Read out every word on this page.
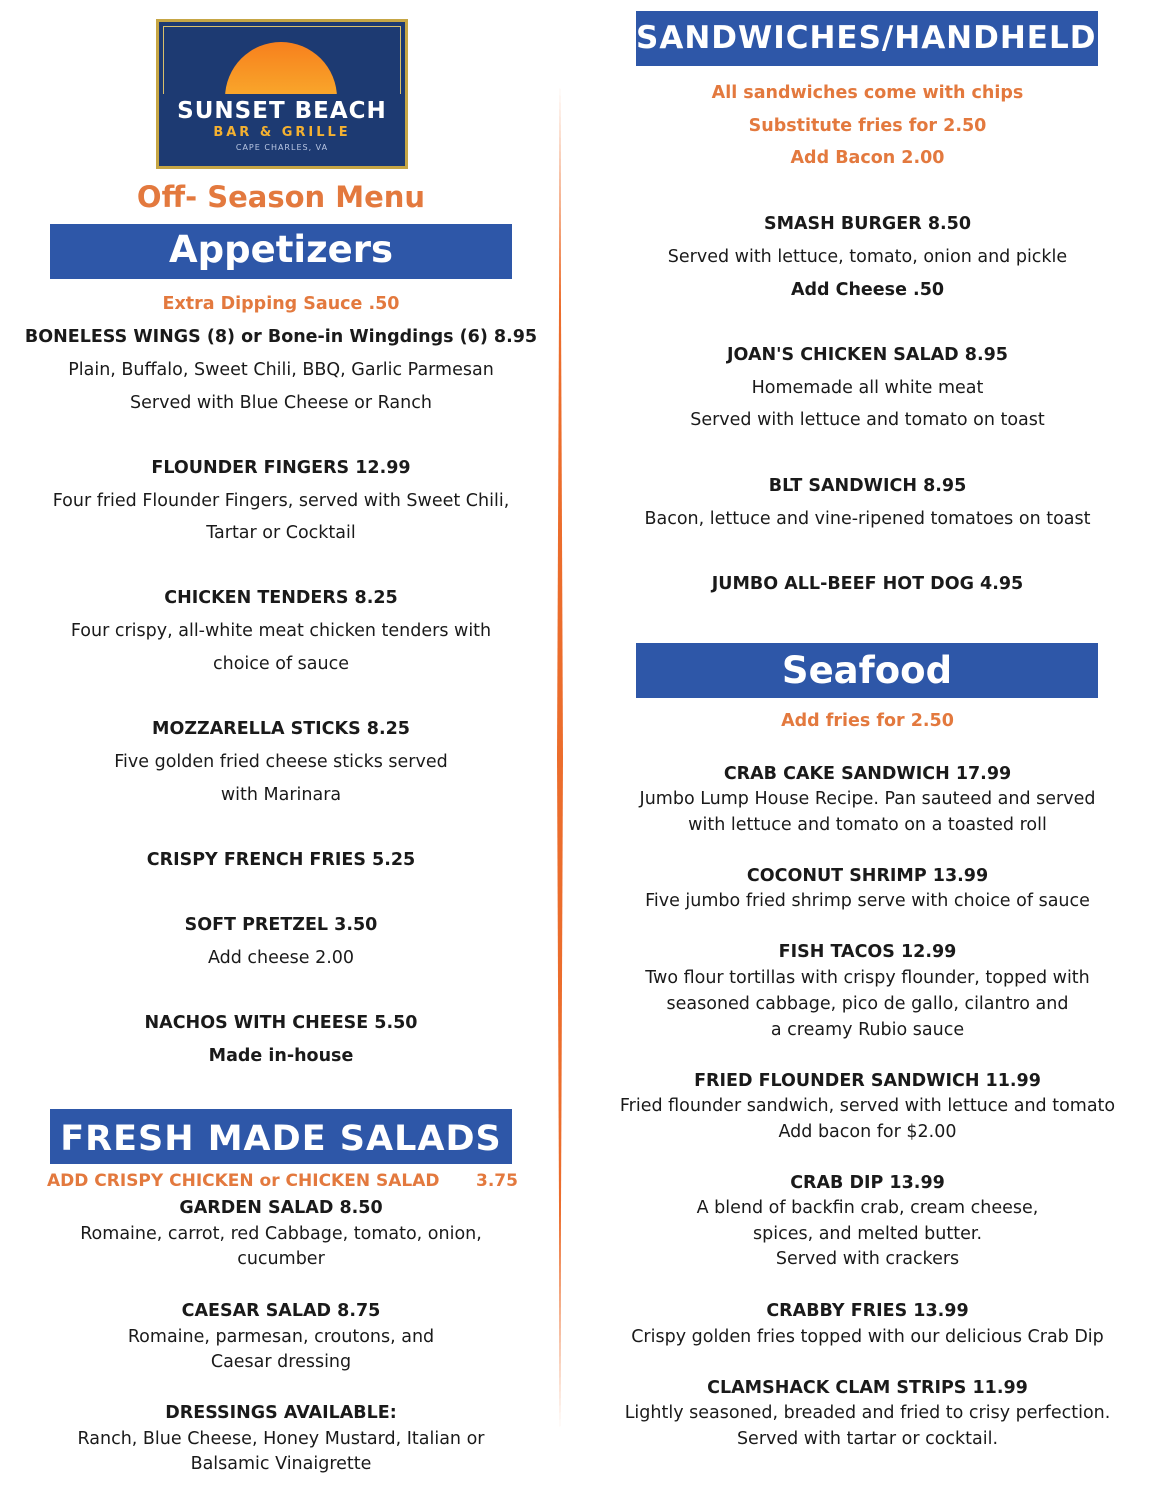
SUNSET BEACH
BAR & GRILLE
CAPE CHARLES, VA
Off- Season Menu
Appetizers
Extra Dipping Sauce .50
BONELESS WINGS (8) or Bone-in Wingdings (6) 8.95
Plain, Buffalo, Sweet Chili, BBQ, Garlic Parmesan
Served with Blue Cheese or Ranch
FLOUNDER FINGERS 12.99
Four fried Flounder Fingers, served with Sweet Chili,
Tartar or Cocktail
CHICKEN TENDERS 8.25
Four crispy, all-white meat chicken tenders with
choice of sauce
MOZZARELLA STICKS 8.25
Five golden fried cheese sticks served
with Marinara
CRISPY FRENCH FRIES 5.25
SOFT PRETZEL 3.50
Add cheese 2.00
NACHOS WITH CHEESE 5.50
Made in-house
FRESH MADE SALADS
ADD CRISPY CHICKEN or CHICKEN SALAD 3.75
GARDEN SALAD 8.50
Romaine, carrot, red Cabbage, tomato, onion,
cucumber
CAESAR SALAD 8.75
Romaine, parmesan, croutons, and
Caesar dressing
DRESSINGS AVAILABLE:
Ranch, Blue Cheese, Honey Mustard, Italian or
Balsamic Vinaigrette
SANDWICHES/HANDHELDS
All sandwiches come with chips
Substitute fries for 2.50
Add Bacon 2.00
SMASH BURGER 8.50
Served with lettuce, tomato, onion and pickle
Add Cheese .50
JOAN'S CHICKEN SALAD 8.95
Homemade all white meat
Served with lettuce and tomato on toast
BLT SANDWICH 8.95
Bacon, lettuce and vine-ripened tomatoes on toast
JUMBO ALL-BEEF HOT DOG 4.95
Seafood
Add fries for 2.50
CRAB CAKE SANDWICH 17.99
Jumbo Lump House Recipe. Pan sauteed and served
with lettuce and tomato on a toasted roll
COCONUT SHRIMP 13.99
Five jumbo fried shrimp serve with choice of sauce
FISH TACOS 12.99
Two flour tortillas with crispy flounder, topped with
seasoned cabbage, pico de gallo, cilantro and
a creamy Rubio sauce
FRIED FLOUNDER SANDWICH 11.99
Fried flounder sandwich, served with lettuce and tomato
Add bacon for $2.00
CRAB DIP 13.99
A blend of backfin crab, cream cheese,
spices, and melted butter.
Served with crackers
CRABBY FRIES 13.99
Crispy golden fries topped with our delicious Crab Dip
CLAMSHACK CLAM STRIPS 11.99
Lightly seasoned, breaded and fried to crisy perfection.
Served with tartar or cocktail.
